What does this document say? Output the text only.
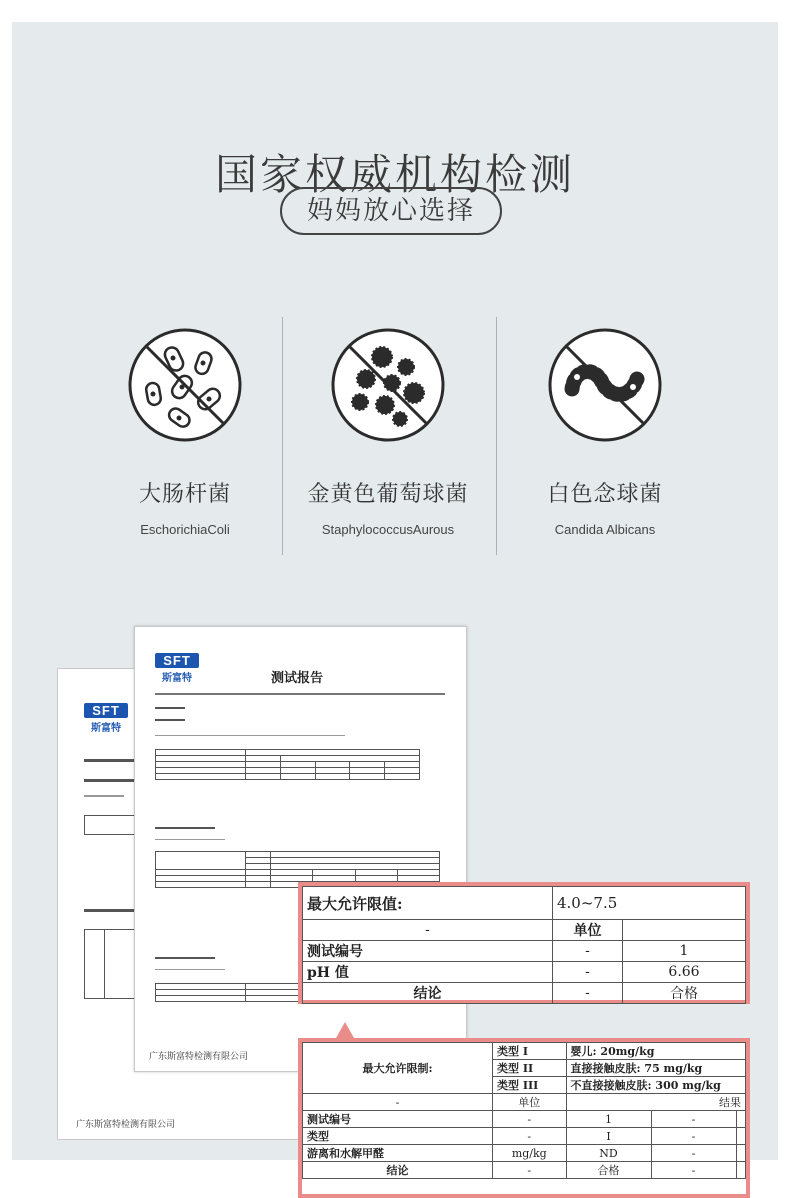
国家权威机构检测
妈妈放心选择
大肠杆菌
EschorichiaColi
金黄色葡萄球菌
StaphylococcusAurous
白色念球菌
Candida Albicans
SFT
斯富特
广东斯富特检测有限公司
SFT
斯富特	测试报告

广东斯富特检测有限公司
最大允许限值:	4.0~7.5	
-	单位	
测试编号	-	1
pH 值	-	6.66
结论	-	合格
最大允许限制:	类型 I	婴儿: 20mg/kg		
	类型 II	直接接触皮肤: 75 mg/kg		
	类型 III	不直接接触皮肤: 300 mg/kg		
-	单位	结果		
测试编号	-	1	-	
类型	-	I	-	
游离和水解甲醛	mg/kg	ND	-	
结论	-	合格	-	
